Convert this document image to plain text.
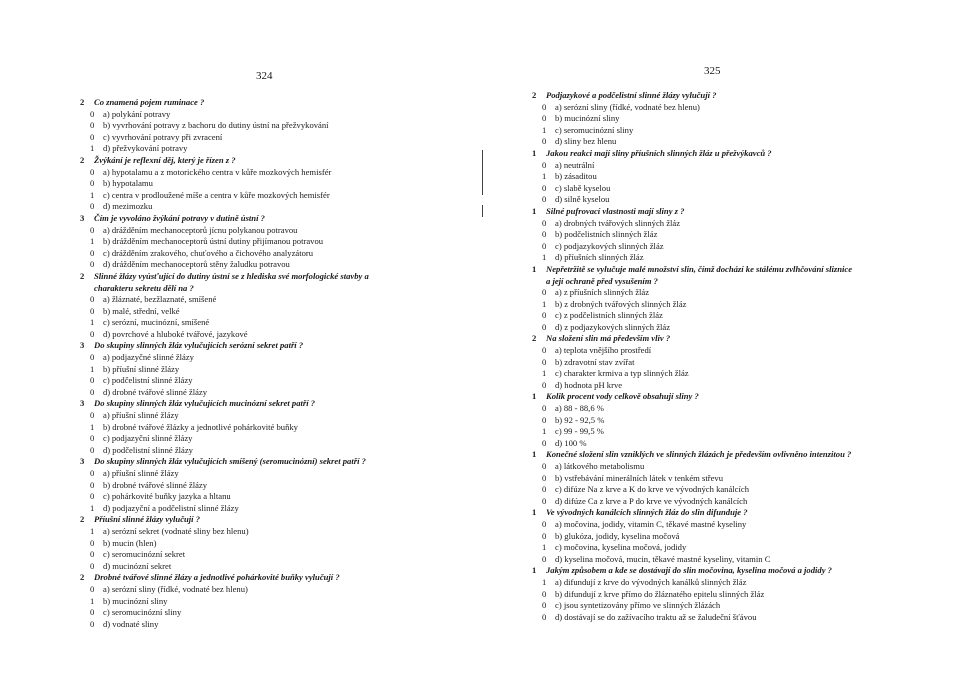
324	325
2 Co znamená pojem ruminace ?
0 a) polykání potravy
0 b) vyvrhování potravy z bachoru do dutiny ústní na přežvykování
0 c) vyvrhování potravy při zvracení
1 d) přežvykování potravy
2 Žvýkání je reflexní děj, který je řízen z ?
0 a) hypotalamu a z motorického centra v kůře mozkových hemisfér
0 b) hypotalamu
1 c) centra v prodloužené míše a centra v kůře mozkových hemisfér
0 d) mezimozku
3 Čím je vyvoláno žvýkání potravy v dutině ústní ?
0 a) drážděním mechanoceptorů jícnu polykanou potravou
1 b) drážděním mechanoceptorů ústní dutiny přijímanou potravou
0 c) drážděním zrakového, chuťového a čichového analyzátoru
0 d) drážděním mechanoceptorů stěny žaludku potravou
2 Slinné žlázy vyúsťující do dutiny ústní se z hlediska své morfologické stavby a
charakteru sekretu dělí na ?
0 a) žláznaté, bezžlaznaté, smíšené
0 b) malé, střední, velké
1 c) serózní, mucinózní, smíšené
0 d) povrchové a hluboké tvářové, jazykové
3 Do skupiny slinných žláz vylučujících serózní sekret patří ?
0 a) podjazyčné slinné žlázy
1 b) příušní slinné žlázy
0 c) podčelistní slinné žlázy
0 d) drobné tvářové slinné žlázy
3 Do skupiny slinných žláz vylučujících mucinózní sekret patří ?
0 a) příušní slinné žlázy
1 b) drobné tvářové žlázky a jednotlivé pohárkovité buňky
0 c) podjazyční slinné žlázy
0 d) podčelistní slinné žlázy
3 Do skupiny slinných žláz vylučujících smíšený (seromucinózní) sekret patří ?
0 a) příušní slinné žlázy
0 b) drobné tvářové slinné žlázy
0 c) pohárkovité buňky jazyka a hltanu
1 d) podjazyční a podčelistní slinné žlázy
2 Příušní slinné žlázy vylučují ?
1 a) serózní sekret (vodnaté sliny bez hlenu)
0 b) mucin (hlen)
0 c) seromucinózní sekret
0 d) mucinózní sekret
2 Drobné tvářové slinné žlázy a jednotlivé pohárkovité buňky vylučují ?
0 a) serózní sliny (řídké, vodnaté bez hlenu)
1 b) mucinózní sliny
0 c) seromucinózní sliny
0 d) vodnaté sliny
2 Podjazykové a podčelistní slinné žlázy vylučují ?
0 a) serózní sliny (řídké, vodnaté bez hlenu)
0 b) mucinózní sliny
1 c) seromucinózní sliny
0 d) sliny bez hlenu
1 Jakou reakci mají sliny příušních slinných žláz u přežvýkavců ?
0 a) neutrální
1 b) zásaditou
0 c) slabě kyselou
0 d) silně kyselou
1 Silné pufrovací vlastnosti mají sliny z ?
0 a) drobných tvářových slinných žláz
0 b) podčelistních slinných žláz
0 c) podjazykových slinných žláz
1 d) příušních slinných žláz
1 Nepřetržitě se vylučuje malé množství slin, čímž dochází ke stálému zvlhčování sliznice
a její ochraně před vysušením ?
0 a) z příušních slinných žláz
1 b) z drobných tvářových slinných žláz
0 c) z podčelistních slinných žláz
0 d) z podjazykových slinných žláz
2 Na složení slin má především vliv ?
0 a) teplota vnějšího prostředí
0 b) zdravotní stav zvířat
1 c) charakter krmiva a typ slinných žláz
0 d) hodnota pH krve
1 Kolik procent vody celkově obsahují sliny ?
0 a) 88 - 88,6 %
0 b) 92 - 92,5 %
1 c) 99 - 99,5 %
0 d) 100 %
1 Konečné složení slin vzniklých ve slinných žlázách je především ovlivněno intenzitou ?
0 a) látkového metabolismu
0 b) vstřebávání minerálních látek v tenkém střevu
0 c) difúze Na z krve a K do krve ve vývodných kanálcích
0 d) difúze Ca z krve a P do krve ve vývodných kanálcích
1 Ve vývodných kanálcích slinných žláz do slin difunduje ?
0 a) močovina, jodidy, vitamin C, těkavé mastné kyseliny
0 b) glukóza, jodidy, kyselina močová
1 c) močovina, kyselina močová, jodidy
0 d) kyselina močová, mucin, těkavé mastné kyseliny, vitamin C
1 Jakým způsobem a kde se dostávají do slin močovina, kyselina močová a jodidy ?
1 a) difundují z krve do vývodných kanálků slinných žláz
0 b) difundují z krve přímo do žláznatého epitelu slinných žláz
0 c) jsou syntetizovány přímo ve slinných žlázách
0 d) dostávají se do zažívacího traktu až se žaludeční šťávou
